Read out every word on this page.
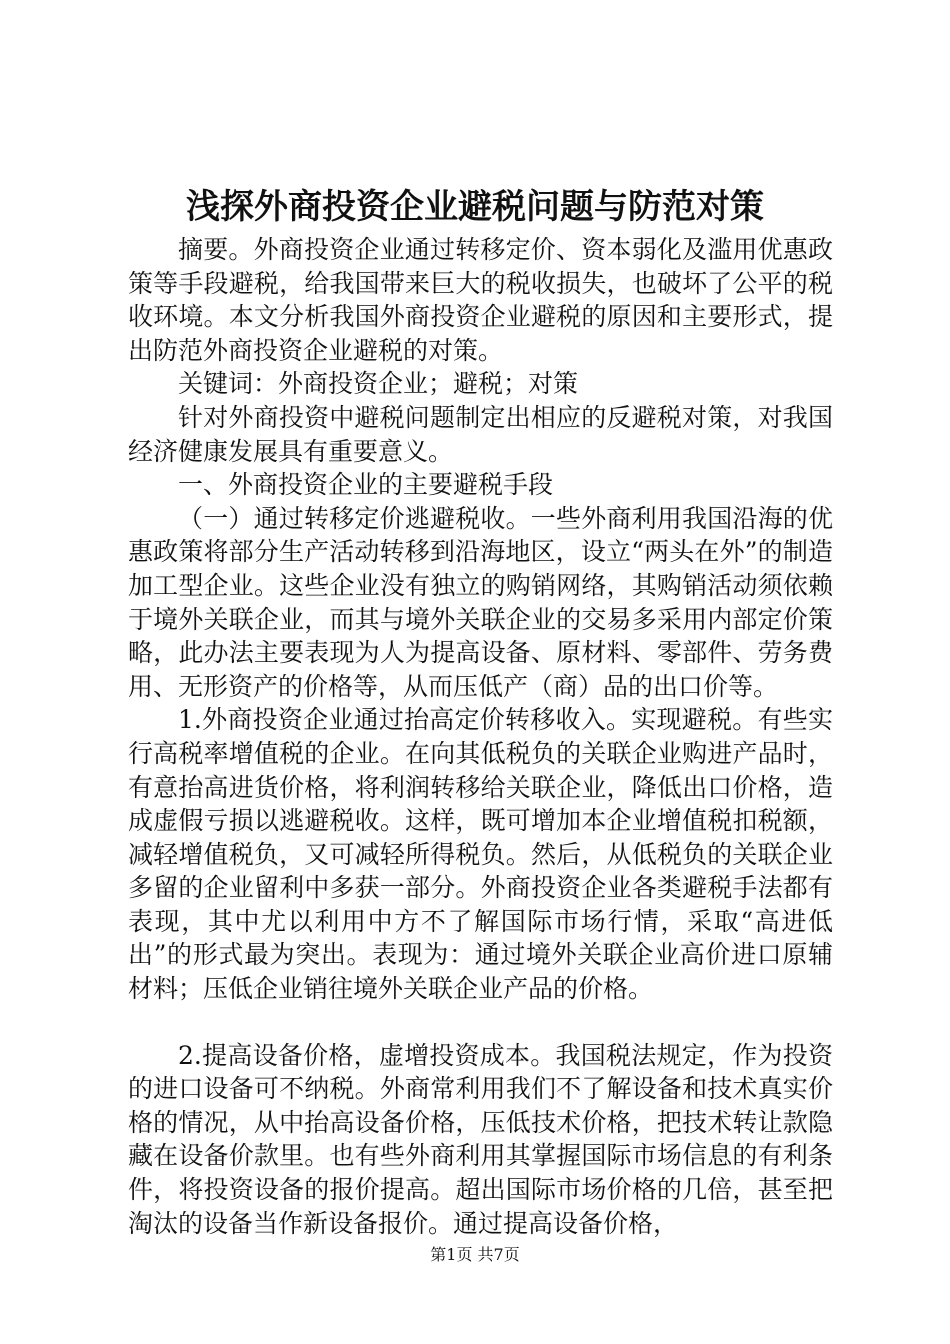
浅探外商投资企业避税问题与防范对策

摘要。外商投资企业通过转移定价、资本弱化及滥用优惠政策等手段避税，给我国带来巨大的税收损失，也破坏了公平的税收环境。本文分析我国外商投资企业避税的原因和主要形式，提出防范外商投资企业避税的对策。

关键词：外商投资企业；避税；对策

针对外商投资中避税问题制定出相应的反避税对策，对我国经济健康发展具有重要意义。

一、外商投资企业的主要避税手段

（一）通过转移定价逃避税收。一些外商利用我国沿海的优惠政策将部分生产活动转移到沿海地区，设立“两头在外”的制造加工型企业。这些企业没有独立的购销网络，其购销活动须依赖于境外关联企业，而其与境外关联企业的交易多采用内部定价策略，此办法主要表现为人为提高设备、原材料、零部件、劳务费用、无形资产的价格等，从而压低产（商）品的出口价等。

1.外商投资企业通过抬高定价转移收入。实现避税。有些实行高税率增值税的企业。在向其低税负的关联企业购进产品时，有意抬高进货价格，将利润转移给关联企业，降低出口价格，造成虚假亏损以逃避税收。这样，既可增加本企业增值税扣税额，减轻增值税负，又可减轻所得税负。然后，从低税负的关联企业多留的企业留利中多获一部分。外商投资企业各类避税手法都有表现，其中尤以利用中方不了解国际市场行情，采取“高进低出”的形式最为突出。表现为：通过境外关联企业高价进口原辅材料；压低企业销往境外关联企业产品的价格。

2.提高设备价格，虚增投资成本。我国税法规定，作为投资的进口设备可不纳税。外商常利用我们不了解设备和技术真实价格的情况，从中抬高设备价格，压低技术价格，把技术转让款隐藏在设备价款里。也有些外商利用其掌握国际市场信息的有利条件，将投资设备的报价提高。超出国际市场价格的几倍，甚至把淘汰的设备当作新设备报价。通过提高设备价格，

第1页 共7页
